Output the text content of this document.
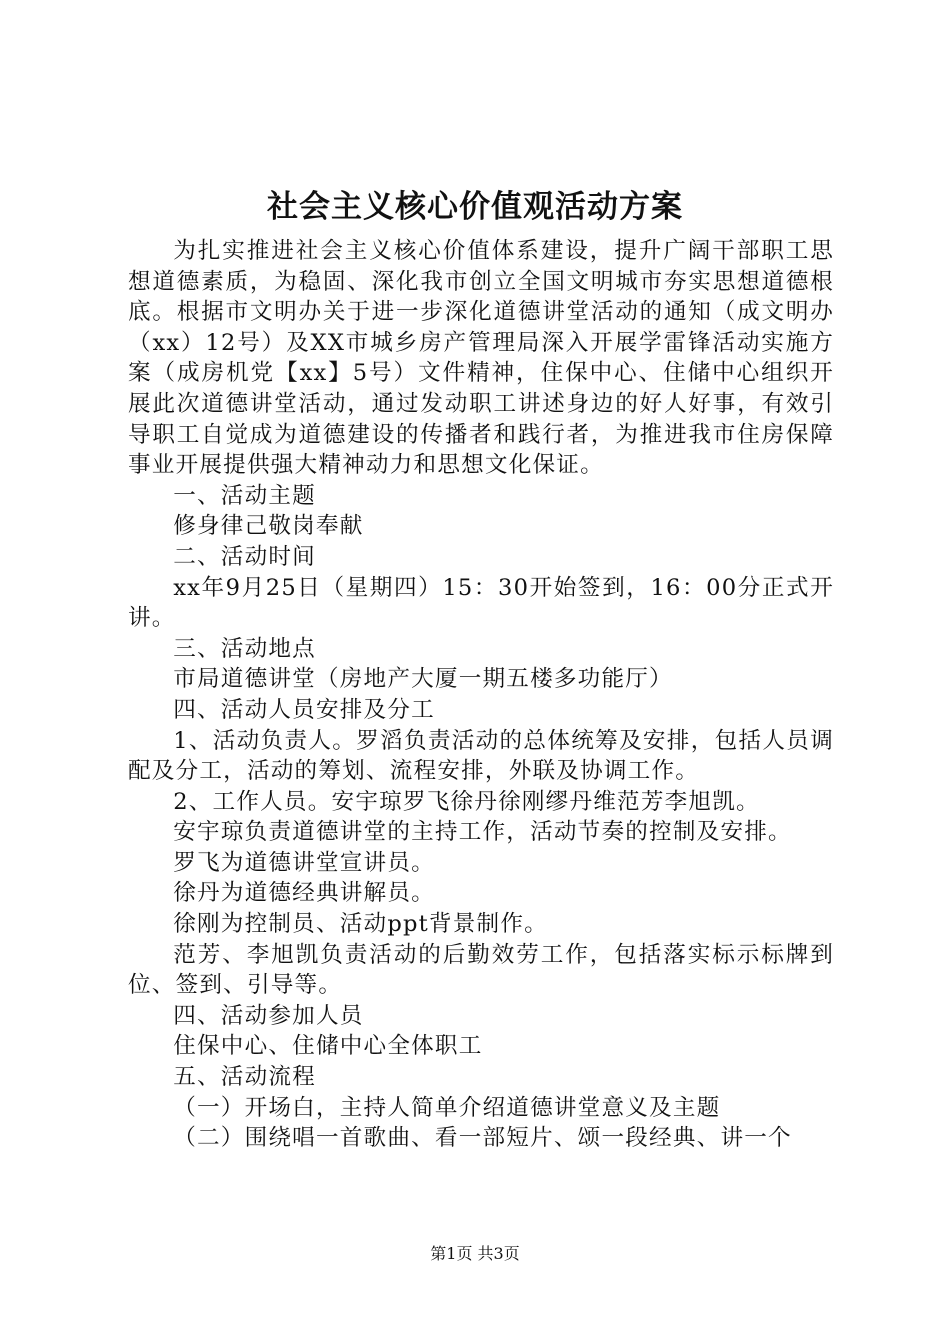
社会主义核心价值观活动方案

为扎实推进社会主义核心价值体系建设，提升广阔干部职工思想道德素质，为稳固、深化我市创立全国文明城市夯实思想道德根底。根据市文明办关于进一步深化道德讲堂活动的通知（成文明办（xx）12号）及XX市城乡房产管理局深入开展学雷锋活动实施方案（成房机党【xx】5号）文件精神，住保中心、住储中心组织开展此次道德讲堂活动，通过发动职工讲述身边的好人好事，有效引导职工自觉成为道德建设的传播者和践行者，为推进我市住房保障事业开展提供强大精神动力和思想文化保证。

一、活动主题

修身律己敬岗奉献

二、活动时间

xx年9月25日（星期四）15：30开始签到，16：00分正式开讲。

三、活动地点

市局道德讲堂（房地产大厦一期五楼多功能厅）

四、活动人员安排及分工

1、活动负责人。罗滔负责活动的总体统筹及安排，包括人员调配及分工，活动的筹划、流程安排，外联及协调工作。

2、工作人员。安宇琼罗飞徐丹徐刚缪丹维范芳李旭凯。

安宇琼负责道德讲堂的主持工作，活动节奏的控制及安排。

罗飞为道德讲堂宣讲员。

徐丹为道德经典讲解员。

徐刚为控制员、活动ppt背景制作。

范芳、李旭凯负责活动的后勤效劳工作，包括落实标示标牌到位、签到、引导等。

四、活动参加人员

住保中心、住储中心全体职工

五、活动流程

（一）开场白，主持人简单介绍道德讲堂意义及主题

（二）围绕唱一首歌曲、看一部短片、颂一段经典、讲一个

第1页 共3页
